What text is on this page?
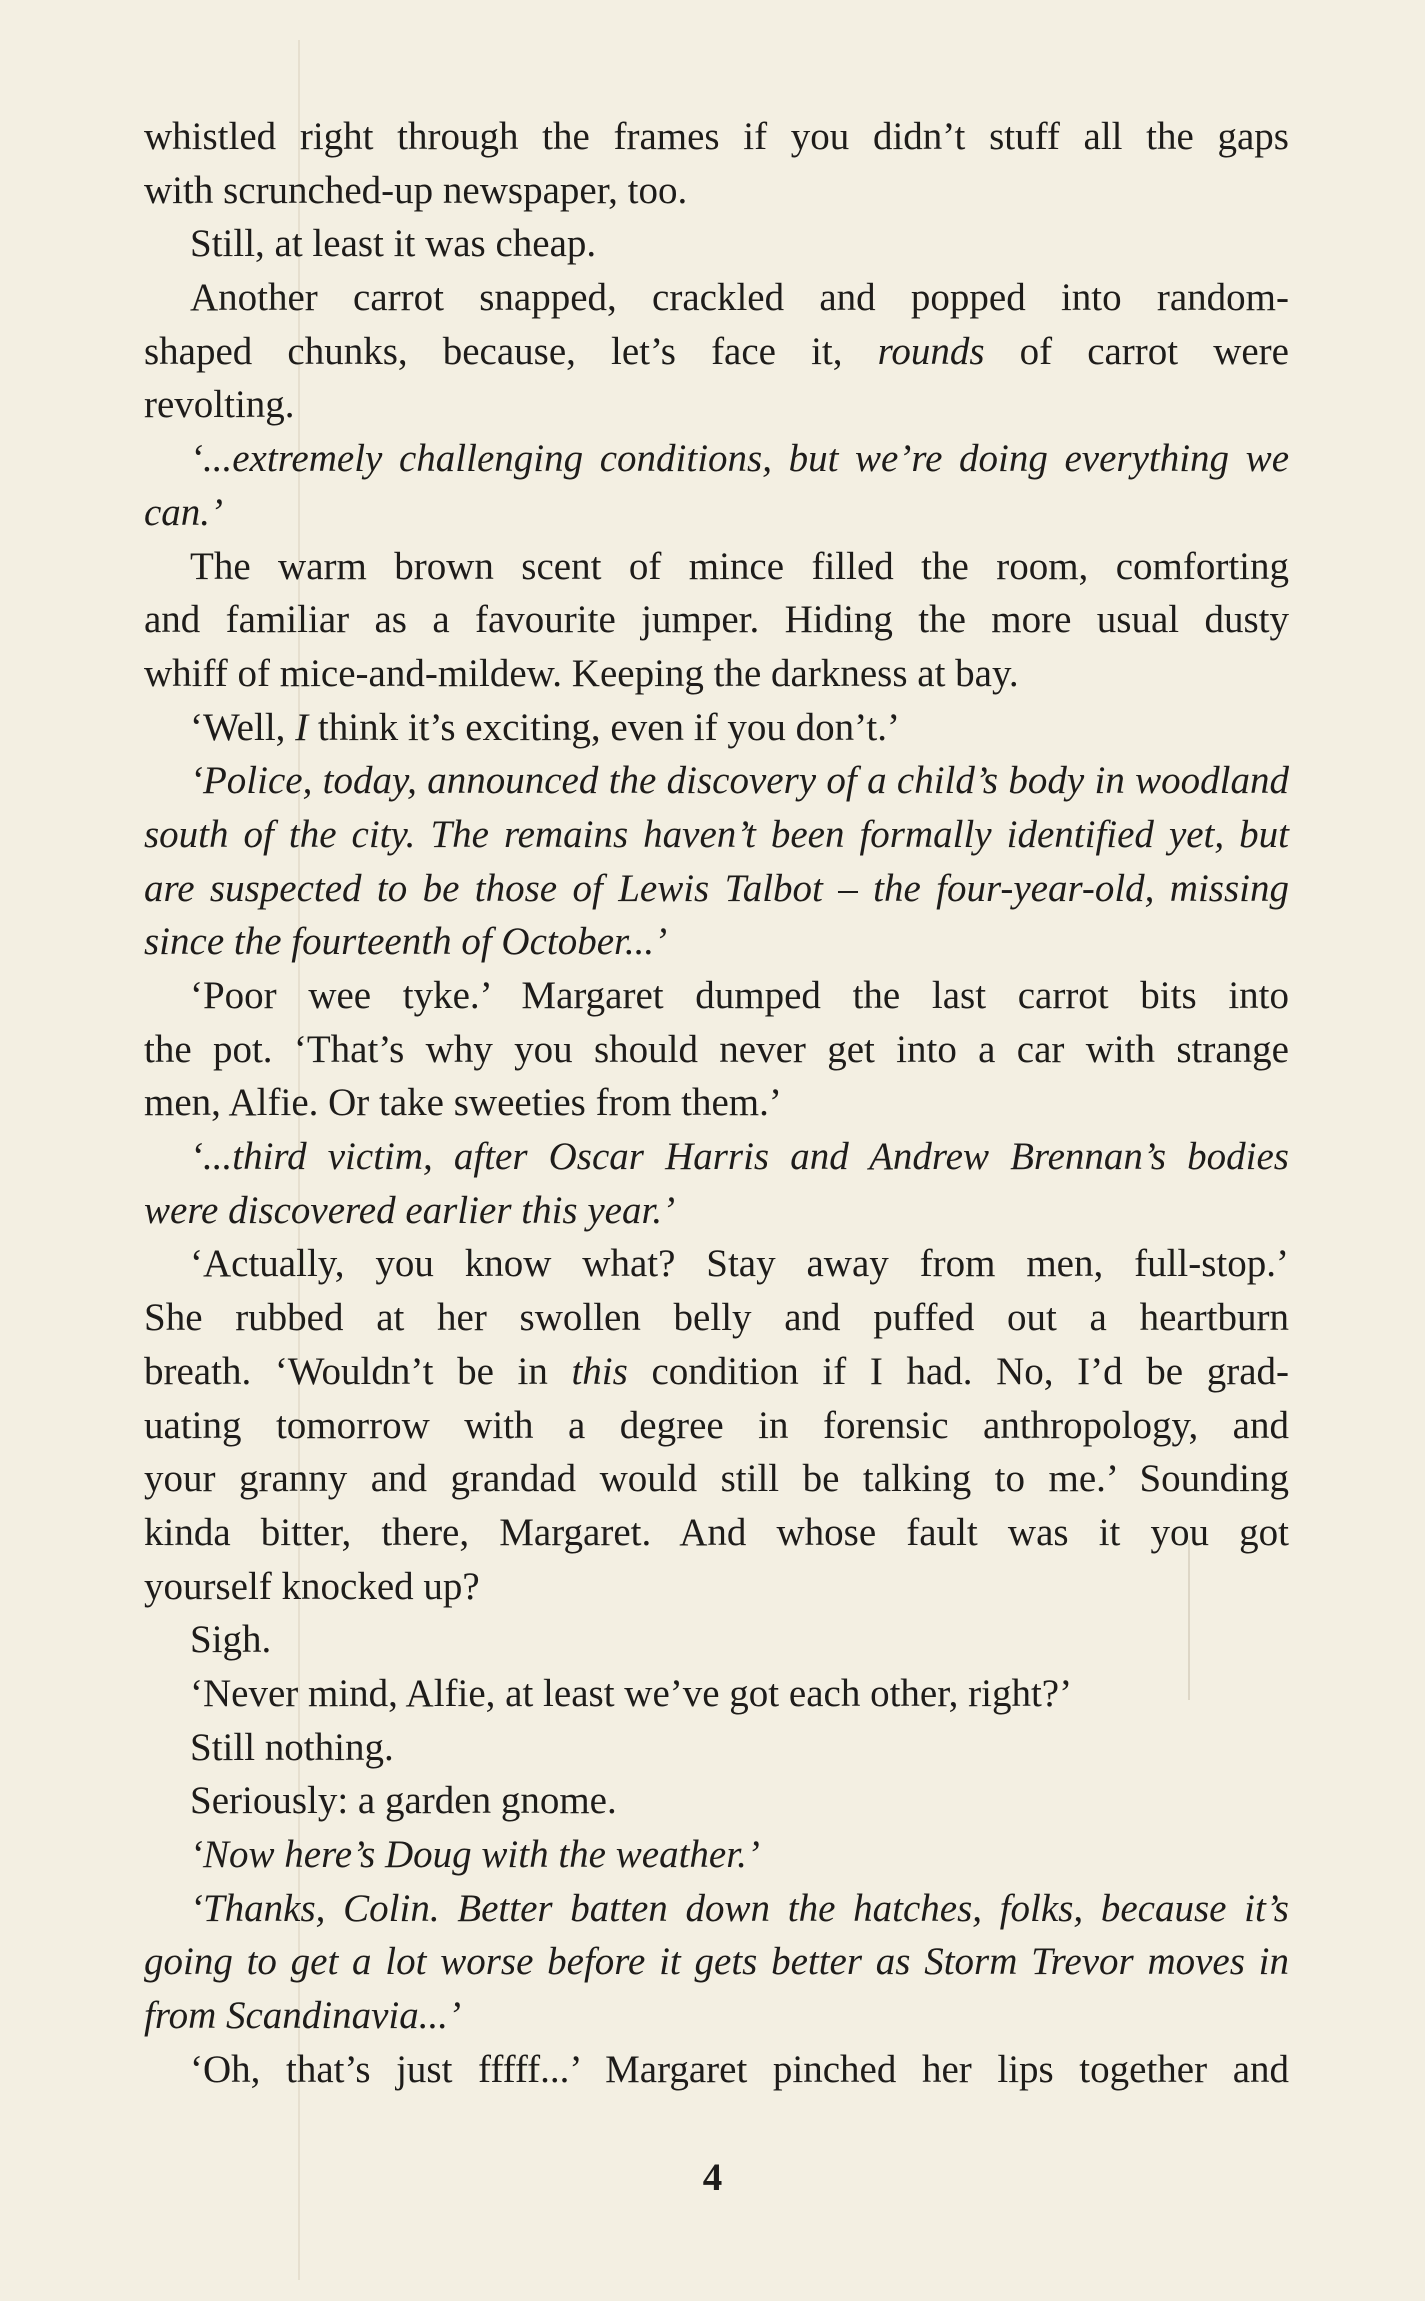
whistled right through the frames if you didn’t stuff all the gaps
with scrunched-up newspaper, too.
Still, at least it was cheap.
Another carrot snapped, crackled and popped into random-
shaped chunks, because, let’s face it, rounds of carrot were
revolting.
‘...extremely challenging conditions, but we’re doing everything we
can.’
The warm brown scent of mince filled the room, comforting
and familiar as a favourite jumper. Hiding the more usual dusty
whiff of mice-and-mildew. Keeping the darkness at bay.
‘Well, I think it’s exciting, even if you don’t.’
‘Police, today, announced the discovery of a child’s body in woodland
south of the city. The remains haven’t been formally identified yet, but
are suspected to be those of Lewis Talbot – the four-year-old, missing
since the fourteenth of October...’
‘Poor wee tyke.’ Margaret dumped the last carrot bits into
the pot. ‘That’s why you should never get into a car with strange
men, Alfie. Or take sweeties from them.’
‘...third victim, after Oscar Harris and Andrew Brennan’s bodies
were discovered earlier this year.’
‘Actually, you know what? Stay away from men, full-stop.’
She rubbed at her swollen belly and puffed out a heartburn
breath. ‘Wouldn’t be in this condition if I had. No, I’d be grad-
uating tomorrow with a degree in forensic anthropology, and
your granny and grandad would still be talking to me.’ Sounding
kinda bitter, there, Margaret. And whose fault was it you got
yourself knocked up?
Sigh.
‘Never mind, Alfie, at least we’ve got each other, right?’
Still nothing.
Seriously: a garden gnome.
‘Now here’s Doug with the weather.’
‘Thanks, Colin. Better batten down the hatches, folks, because it’s
going to get a lot worse before it gets better as Storm Trevor moves in
from Scandinavia...’
‘Oh, that’s just fffff...’ Margaret pinched her lips together and
4
